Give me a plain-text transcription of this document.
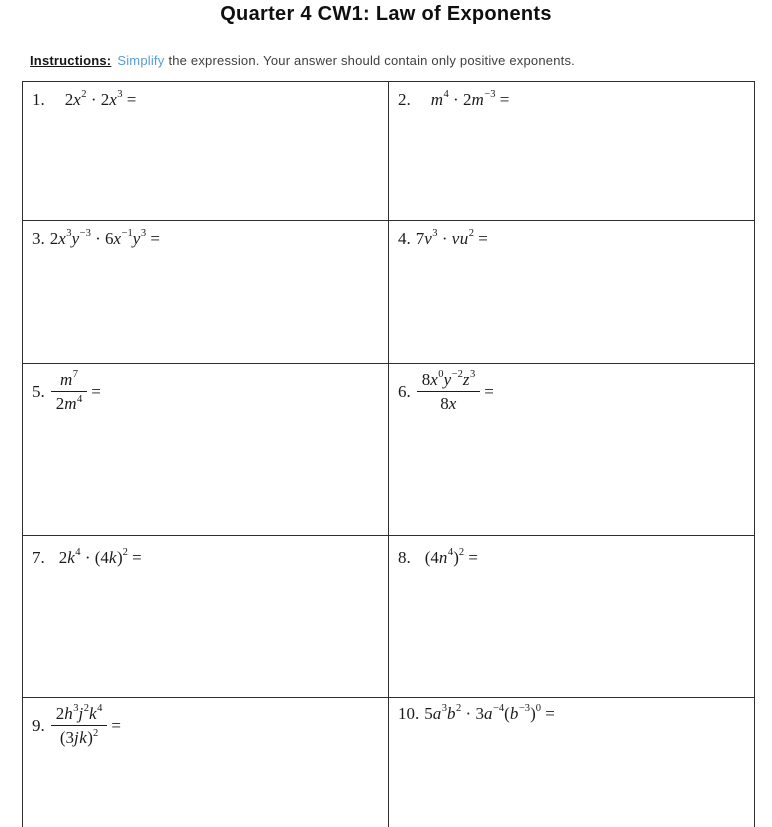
Quarter 4 CW1: Law of Exponents

Instructions: Simplify the expression. Your answer should contain only positive exponents.

1. $2x^2 \cdot 2x^3$ =	2. $m^4 \cdot 2m^{-3}$ =

3. $2x^3y^{-3} \cdot 6x^{-1}y^3$ =	4. $7v^3 \cdot vu^2$ =

5. $\frac{m^7}{2m^4}$ =	6. $\frac{8x^0y^{-2}z^3}{8x}$ =

7. $2k^4 \cdot (4k)^2$ =	8. $(4n^4)^2$ =

9. $\frac{2h^3j^2k^4}{(3jk)^2}$ =	10. $5a^3b^2 \cdot 3a^{-4}(b^{-3})^0$ =
